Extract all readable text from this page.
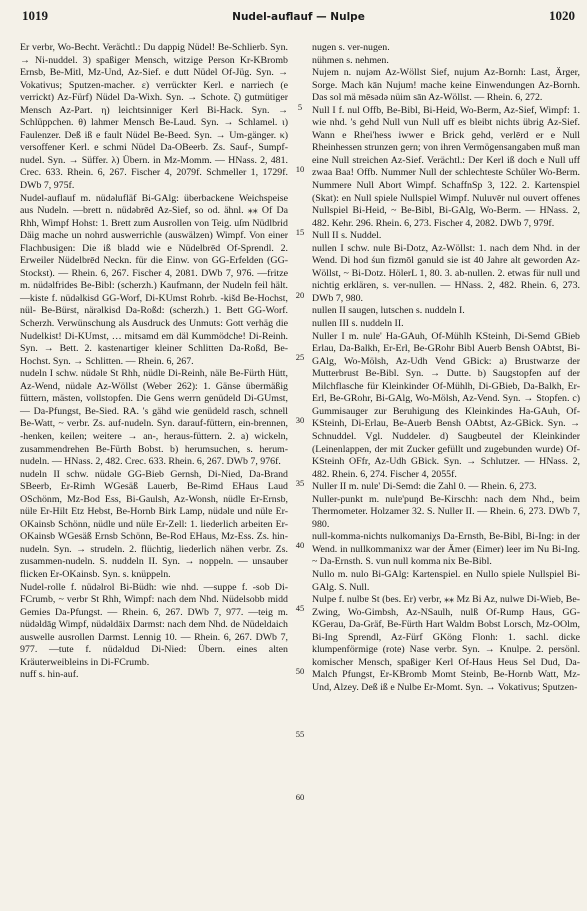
1019	Nudel-auflauf — Nulpe	1020

Er verbr, Wo-Becht. Verächtl.: Du dappig Nüdel! Be-Schlierb. Syn. → Ni-nuddel. 3) spaßiger Mensch, witzige Person Kr-KBromb Ernsb, Be-Mitl, Mz-Und, Az-Sief. e dutt Nüdel Of-Jüg. Syn. → Vokativus; Sputzen-macher. ε) verrückter Kerl. e narriech (e verrickt) Az-Fürf) Nüdel Da-Wixh. Syn. → Schote. ζ) gutmütiger Mensch Az-Part. η) leichtsinniger Kerl Bi-Hack. Syn. → Schlüppchen. θ) lahmer Mensch Be-Laud. Syn. → Schlamel. ι) Faulenzer. Deß iß e fault Nüdel Be-Beed. Syn. → Um-gänger. κ) versoffener Kerl. e schmi Nüdel Da-OBeerb. Zs. Sauf-, Sumpf-nudel. Syn. → Süffer. λ) Übern. in Mz-Momm. — HNass. 2, 481. Crec. 633. Rhein. 6, 267. Fischer 4, 2079f. Schmeller 1, 1729f. DWb 7, 975f.

Nudel-auflauf m. nüdəlufläf Bi-GAlg: überbackene Weichspeise aus Nudeln. —brett n. nüdəbrēd Az-Sief, so od. ähnl. ⁎⁎ Of Da Rhh, Wimpf Hohst: 1. Brett zum Ausrollen von Teig. uſm Nüdlbrid Däig mache un nohrd auswerrichle (auswälzen) Wimpf. Von einer Flachbusigen: Die iß bladd wie e Nüdelbrēd Of-Sprendl. 2. Erweiler Nüdelbrēd Neckn. für die Einw. von GG-Erfelden (GG-Stockst). — Rhein. 6, 267. Fischer 4, 2081. DWb 7, 976. —fritze m. nüdəlfrides Be-Bibl: (scherzh.) Kaufmann, der Nudeln feil hält. —kiste f. nüdəlkisd GG-Worf, Di-KUmst Rohrb. -kišd Be-Hochst, nül- Be-Bürst, närəlkisd Da-Roßd: (scherzh.) 1. Bett GG-Worf. Scherzh. Verwünschung als Ausdruck des Unmuts: Gott verhäg die Nudelkist! Di-KUmst, … mitsamd em däl Kummödche! Di-Reinh. Syn. → Bett. 2. kastenartiger kleiner Schlitten Da-Roßd, Be-Hochst. Syn. → Schlitten. — Rhein. 6, 267.

nudeln I schw. nüdəlɐ St Rhh, nüdlɐ Di-Reinh, nälɐ Be-Fürth Hütt, Az-Wend, nüdəlɐ Az-Wöllst (Weber 262): 1. Gänse übermäßig füttern, mästen, vollstopfen. Die Gens werrn genüdeld Di-GUmst, — Da-Pfungst, Be-Sied. RA. 's gähd wie genüdeld rasch, schnell Be-Watt, ~ verbr. Zs. auf-nudeln. Syn. darauf-füttern, ein-brennen, -henken, keilen; weitere → an-, heraus-füttern. 2. a) wickeln, zusammendrehen Be-Fürth Bobst. b) herumsuchen, s. herum-nudeln. — HNass. 2, 482. Crec. 633. Rhein. 6, 267. DWb 7, 976f.

nudeln II schw. nüdəlɐ GG-Bieb Gernsh, Di-Nied, Da-Brand SBeerb, Er-Rimh WGesäß Lauerb, Be-Rimd EHaus Laud OSchönm, Mz-Bod Ess, Bi-Gaulsh, Az-Wonsh, nüdlɐ Er-Ernsb, nülɐ Er-Hilt Etz Hebst, Be-Hornb Birk Lamp, nüdəlɐ und nülɐ Er-OKainsb Schönn, nüdlɐ und nülɐ Er-Zell: 1. liederlich arbeiten Er-OKainsb WGesäß Ernsb Schönn, Be-Rod EHaus, Mz-Ess. Zs. hin-nudeln. Syn. → strudeln. 2. flüchtig, liederlich nähen verbr. Zs. zusammen-nudeln. S. nuddeln II. Syn. → noppeln. — unsauber flicken Er-OKainsb. Syn. s. knüppeln.

Nudel-rolle f. nüdəlrol Bi-Büdh: wie nhd. —suppe f. -sob Di-FCrumb, ~ verbr St Rhh, Wimpf: nach dem Nhd. Nüdelsobb midd Gemies Da-Pfungst. — Rhein. 6, 267. DWb 7, 977. —teig m. nüdəldāg Wimpf, nüdəldāix Darmst: nach dem Nhd. de Nüdeldaich auswelle ausrollen Darmst. Lennig 10. — Rhein. 6, 267. DWb 7, 977. —tute f. nüdəldud Di-Nied: Übern. eines alten Kräuterweibleins in Di-FCrumb.

nuff s. hin-auf.

5
10
15
20
25
30
35
40
45
50
55
60

nugen s. ver-nugen.

nühmen s. nehmen.

Nujem n. nujəm Az-Wöllst Sief, nujum Az-Bornh: Last, Ärger, Sorge. Mach kān Nujum! mache keine Einwendungen Az-Bornh. Das sol mä mēsədə nüim sān Az-Wöllst. — Rhein. 6, 272.

Null I f. nul Offb, Be-Bibl, Bi-Heid, Wo-Berm, Az-Sief, Wimpf: 1. wie nhd. 's gehd Null vun Null uff es bleibt nichts übrig Az-Sief. Wann e Rhei'hess iwwer e Brick gehd, verlērd er e Null Rheinhessen strunzen gern; von ihren Vermögensangaben muß man eine Null streichen Az-Sief. Verächtl.: Der Kerl iß doch e Null uff zwaa Baa! Offb. Nummer Null der schlechteste Schüler Wo-Berm. Nummere Null Abort Wimpf. SchaffnSp 3, 122. 2. Kartenspiel (Skat): en Null spiele Nullspiel Wimpf. Nuluvēr nul ouvert offenes Nullspiel Bi-Heid, ~ Be-Bibl, Bi-GAlg, Wo-Berm. — HNass. 2, 482. Kehr. 296. Rhein. 6, 273. Fischer 4, 2082. DWb 7, 979f.

Null II s. Nuddel.

nullen I schw. nulɐ Bi-Dotz, Az-Wöllst: 1. nach dem Nhd. in der Wend. Di hod śun fizmōl gənuld sie ist 40 Jahre alt geworden Az-Wöllst, ~ Bi-Dotz. HölerL 1, 80. 3. ab-nullen. 2. etwas für null und nichtig erklären, s. ver-nullen. — HNass. 2, 482. Rhein. 6, 273. DWb 7, 980.

nullen II saugen, lutschen s. nuddeln I.

nullen III s. nuddeln II.

Nuller I m. nulɐ' Ha-GAuh, Of-Mühlh KSteinh, Di-Semd GBieb Erlau, Da-Balkh, Er-Erl, Be-GRohr Bibl Auerb Bensh OAbtst, Bi-GAlg, Wo-Mölsh, Az-Udh Vend GBick: a) Brustwarze der Mutterbrust Be-Bibl. Syn. → Dutte. b) Saugstopfen auf der Milchflasche für Kleinkinder Of-Mühlh, Di-GBieb, Da-Balkh, Er-Erl, Be-GRohr, Bi-GAlg, Wo-Mölsh, Az-Vend. Syn. → Stopfen. c) Gummisauger zur Beruhigung des Kleinkindes Ha-GAuh, Of-KSteinh, Di-Erlau, Be-Auerb Bensh OAbtst, Az-GBick. Syn. → Schnuddel. Vgl. Nuddeler. d) Saugbeutel der Kleinkinder (Leinenlappen, der mit Zucker gefüllt und zugebunden wurde) Of-KSteinh OFfr, Az-Udh GBick. Syn. → Schlutzer. — HNass. 2, 482. Rhein. 6, 274. Fischer 4, 2055f.

Nuller II m. nulɐ' Di-Semd: die Zahl 0. — Rhein. 6, 273.

Nuller-punkt m. nulɐ'puŋd Be-Kirschh: nach dem Nhd., beim Thermometer. Holzamer 32. S. Nuller II. — Rhein. 6, 273. DWb 7, 980.

null-komma-nichts nulkomaniχs Da-Ernsth, Be-Bibl, Bi-Ing: in der Wend. in nullkommanixz war der Ämer (Eimer) leer im Nu Bi-Ing. ~ Da-Ernsth. S. vun null komma nix Be-Bibl.

Nullo m. nulo Bi-GAlg: Kartenspiel. en Nullo spiele Nullspiel Bi-GAlg. S. Null.

Nulpe f. nulbɐ St (bes. Er) verbr, ⁎⁎ Mz Bi Az, nulwɐ Di-Wieb, Be-Zwing, Wo-Gimbsh, Az-NSaulh, nulß Of-Rump Haus, GG-KGerau, Da-Gräf, Be-Fürth Hart Waldm Bobst Lorsch, Mz-OOlm, Bi-Ing Sprendl, Az-Fürf GKöng Flonh: 1. sachl. dicke klumpenförmige (rote) Nase verbr. Syn. → Knulpe. 2. persönl. komischer Mensch, spaßiger Kerl Of-Haus Heus Sel Dud, Da-Malch Pfungst, Er-KBromb Momt Steinb, Be-Hornb Watt, Mz-Und, Alzey. Deß iß e Nulbe Er-Momt. Syn. → Vokativus; Sputzen-
